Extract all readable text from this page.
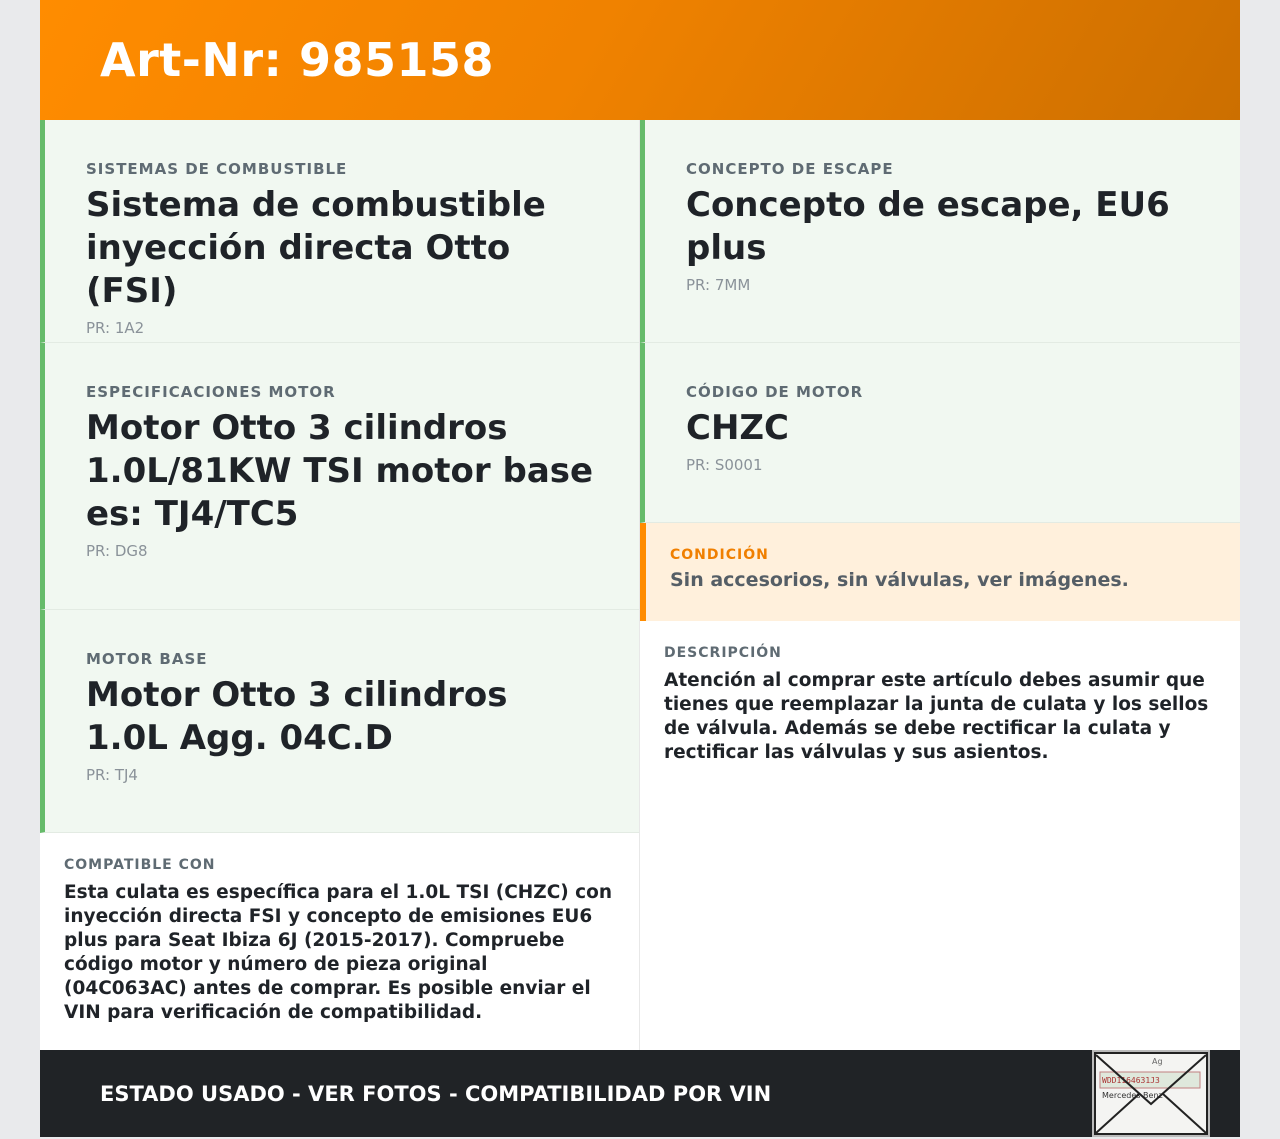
Art-Nr: 985158
SISTEMAS DE COMBUSTIBLE
Sistema de combustible inyección directa Otto (FSI)
PR: 1A2
ESPECIFICACIONES MOTOR
Motor Otto 3 cilindros 1.0L/81KW TSI motor base es: TJ4/TC5
PR: DG8
MOTOR BASE
Motor Otto 3 cilindros 1.0L Agg. 04C.D
PR: TJ4
COMPATIBLE CON
Esta culata es específica para el 1.0L TSI (CHZC) con inyección directa FSI y concepto de emisiones EU6 plus para Seat Ibiza 6J (2015-2017). Compruebe código motor y número de pieza original (04C063AC) antes de comprar. Es posible enviar el VIN para verificación de compatibilidad.
CONCEPTO DE ESCAPE
Concepto de escape, EU6 plus
PR: 7MM
CÓDIGO DE MOTOR
CHZC
PR: S0001
CONDICIÓN
Sin accesorios, sin válvulas, ver imágenes.
DESCRIPCIÓN
Atención al comprar este artículo debes asumir que tienes que reemplazar la junta de culata y los sellos de válvula. Además se debe rectificar la culata y rectificar las válvulas y sus asientos.
ESTADO USADO - VER FOTOS - COMPATIBILIDAD POR VIN
Ag
WDD1164631J3
Mercedes-Benz
